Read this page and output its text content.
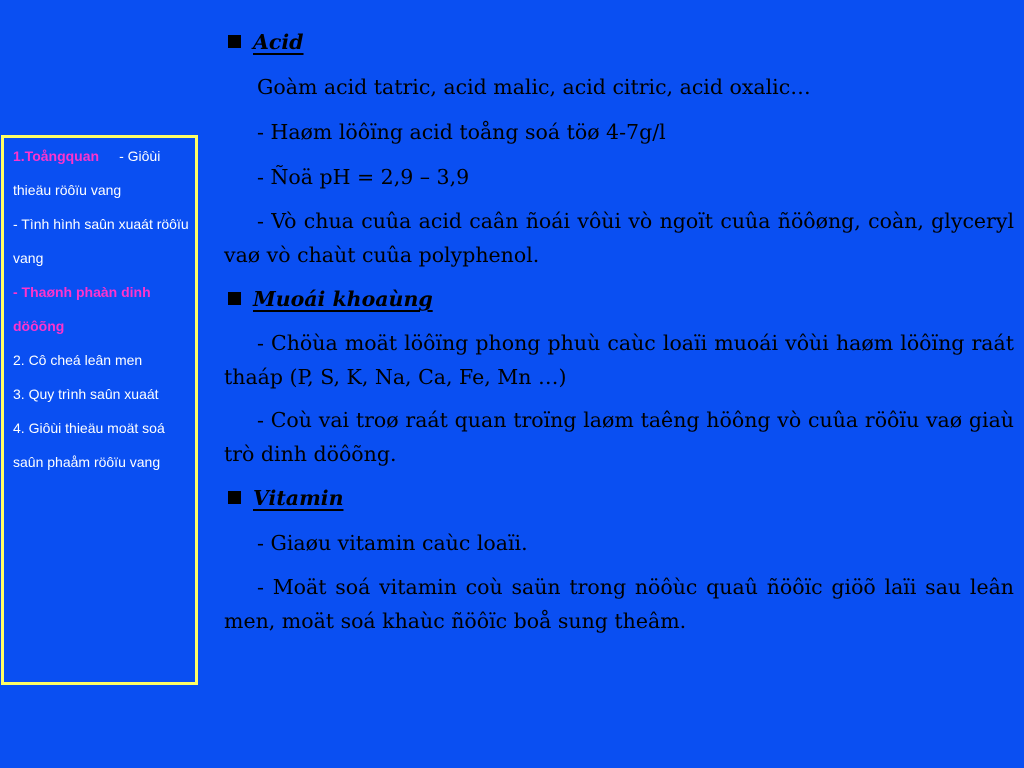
1.Toångquan - Giôùi thieäu röôïu vang
- Tình hình saûn xuaát röôïu vang
- Thaønh phaàn dinh döôõng
2. Cô cheá leân men
3. Quy trình saûn xuaát
4. Giôùi thieäu moät soá saûn phaåm röôïu vang
Acid

Goàm acid tatric, acid malic, acid citric, acid oxalic…

- Haøm löôïng acid toång soá töø 4-7g/l

- Ñoä pH = 2,9 – 3,9

- Vò chua cuûa acid caân ñoái vôùi vò ngoït cuûa ñöôøng, coàn, glyceryl vaø vò chaùt cuûa polyphenol.

Muoái khoaùng

- Chöùa moät löôïng phong phuù caùc loaïi muoái vôùi haøm löôïng raát thaáp (P, S, K, Na, Ca, Fe, Mn …)

- Coù vai troø raát quan troïng laøm taêng höông vò cuûa röôïu vaø giaù trò dinh döôõng.

Vitamin

- Giaøu vitamin caùc loaïi.

- Moät soá vitamin coù saün trong nöôùc quaû ñöôïc giöõ laïi sau leân men, moät soá khaùc ñöôïc boå sung theâm.
